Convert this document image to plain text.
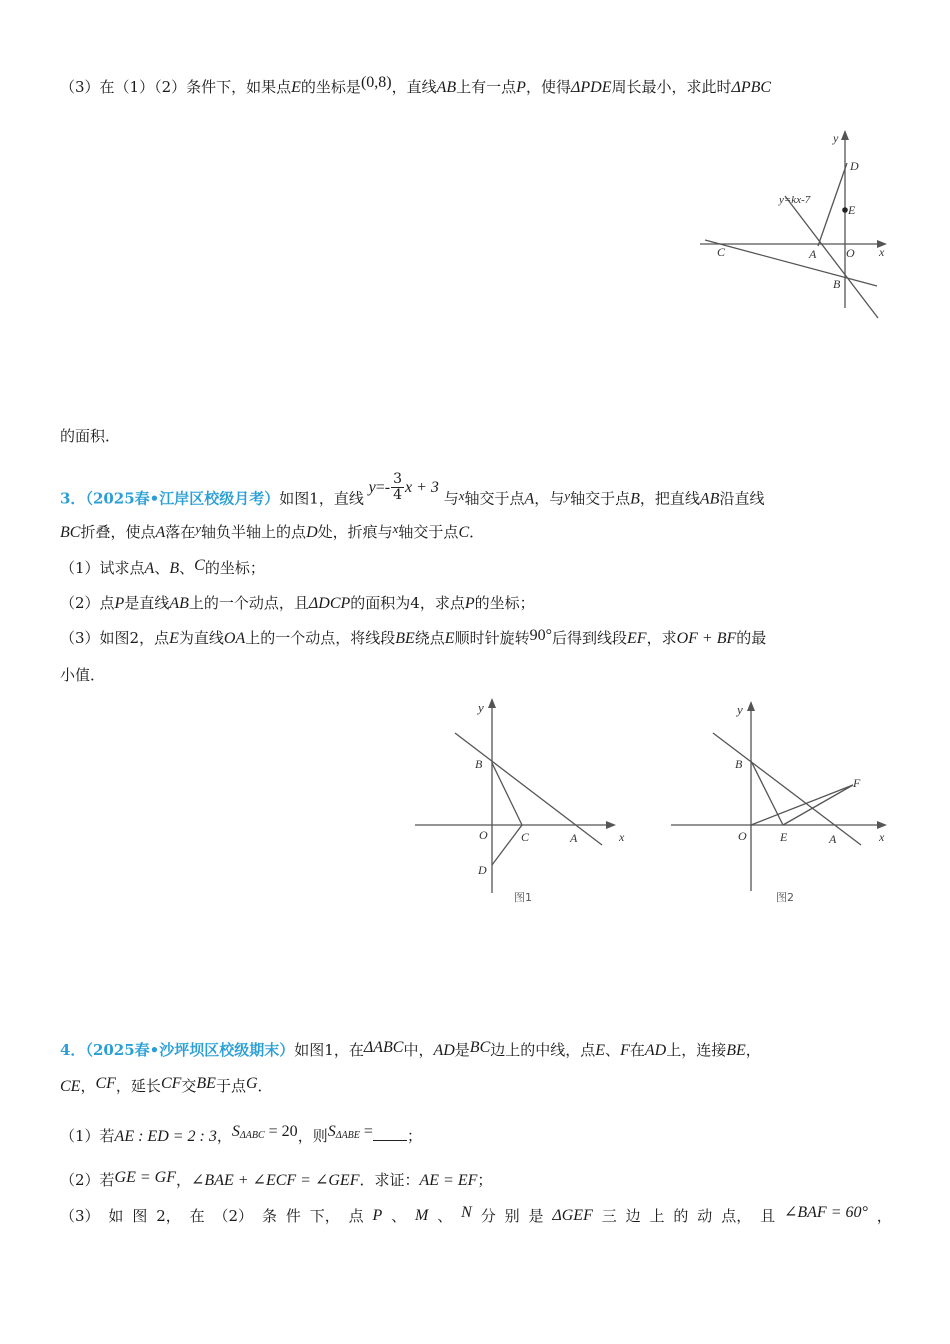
（3）在（1）（2）条件下，如果点E的坐标是(0,8)，直线AB上有一点P，使得ΔPDE周长最小，求此时ΔPBC
y
D
E
y=kx-7
C	A O x
B
的面积．
3．（2025春•江岸区校级月考）如图1，直线 $y=- \frac{3}{4}$ x + 3 与x轴交于点A，与y轴交于点B，把直线AB沿直线
BC折叠，使点A落在y轴负半轴上的点D处，折痕与x轴交于点C．
（1）试求点A、B、C的坐标；
（2）点P是直线AB上的一个动点，且ΔDCP的面积为4，求点P的坐标；
（3）如图2，点E为直线OA上的一个动点，将线段BE绕点E顺时针旋转90°后得到线段EF，求OF + BF的最
小值．
y
B
O	C	A	x
D
图1
y
B
F
O	E	A	x
图2
4．（2025春•沙坪坝区校级期末）如图1，在ΔABC中，AD是BC边上的中线，点E、F在AD上，连接BE，
CE，CF，延长CF交BE于点G．
（1）若AE : ED = 2 : 3，$S^{\Delta ABC} = 20$，则$S^{\Delta ABE}$ = ；
（2）若GE = GF，∠BAE + ∠ECF = ∠GEF．求证：AE = EF；
（3） 如 图 2， 在 （2） 条 件 下， 点 P 、 M 、 N 分 别 是 ΔGEF 三 边 上 的 动 点， 且 ∠BAF = 60° ，
